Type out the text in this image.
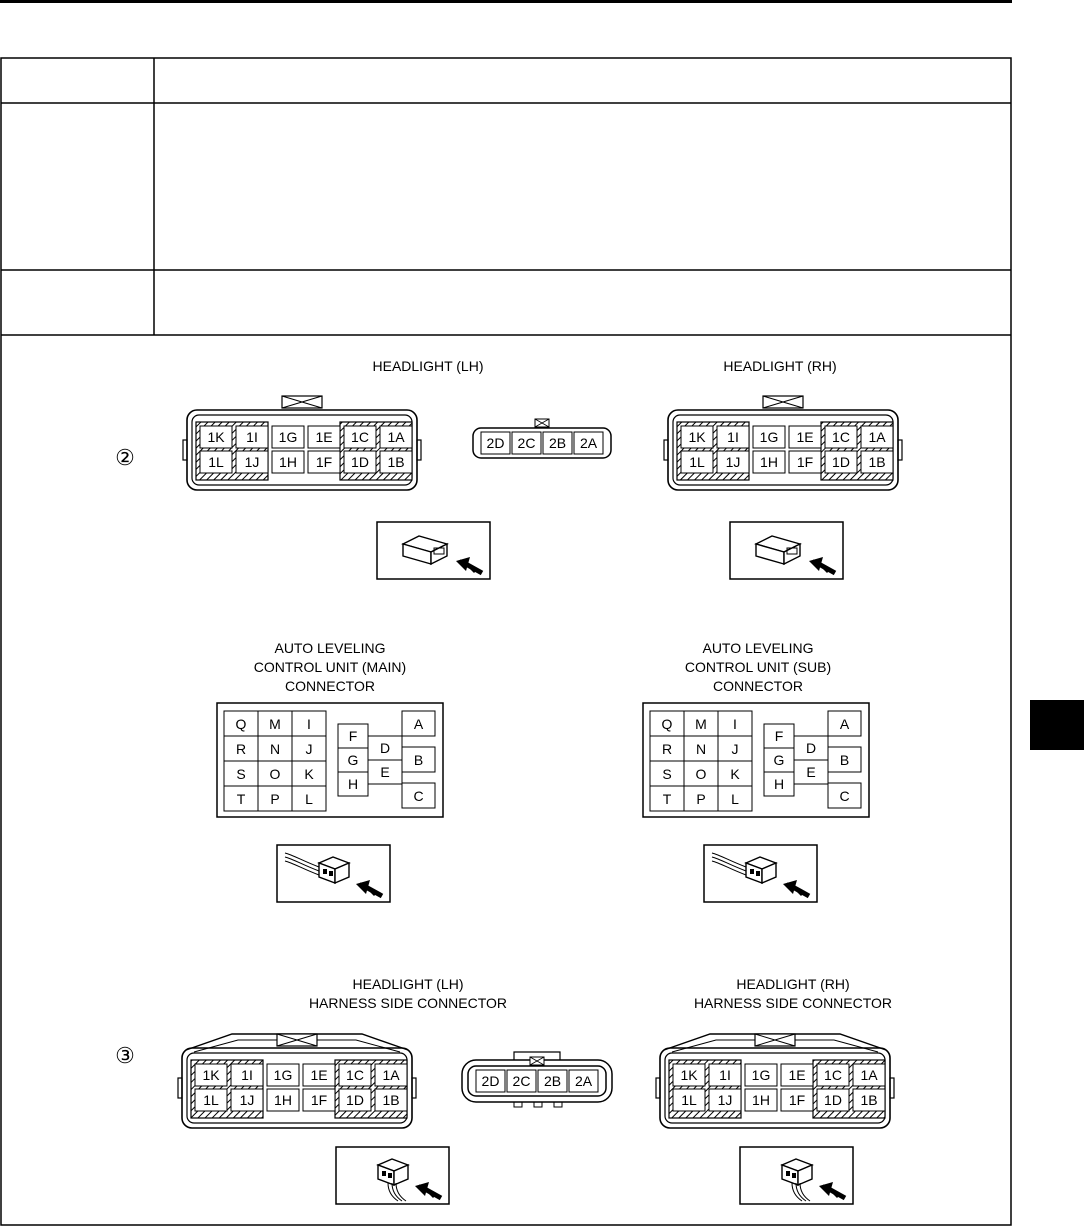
②
③
HEADLIGHT (LH)	HEADLIGHT (RH)
1K 1I 1G 1E 1C 1A
1L 1J 1H 1F 1D 1B
2D 2C 2B 2A	1K 1I 1G 1E 1C 1A
1L 1J 1H 1F 1D 1B
AUTO LEVELING
CONTROL UNIT (MAIN)
CONNECTOR
AUTO LEVELING
CONTROL UNIT (SUB)
CONNECTOR
Q M I
R N J
S O K
T P L
F
G
H
D
E
A
B
C
Q M I
R N J
S O K
T P L
F
G
H
D
E
A
B
C
HEADLIGHT (LH)
HARNESS SIDE CONNECTOR
HEADLIGHT (RH)
HARNESS SIDE CONNECTOR
1K 1I 1G 1E 1C 1A
1L 1J 1H 1F 1D 1B
2D 2C 2B 2A	1K 1I 1G 1E 1C 1A
1L 1J 1H 1F 1D 1B
